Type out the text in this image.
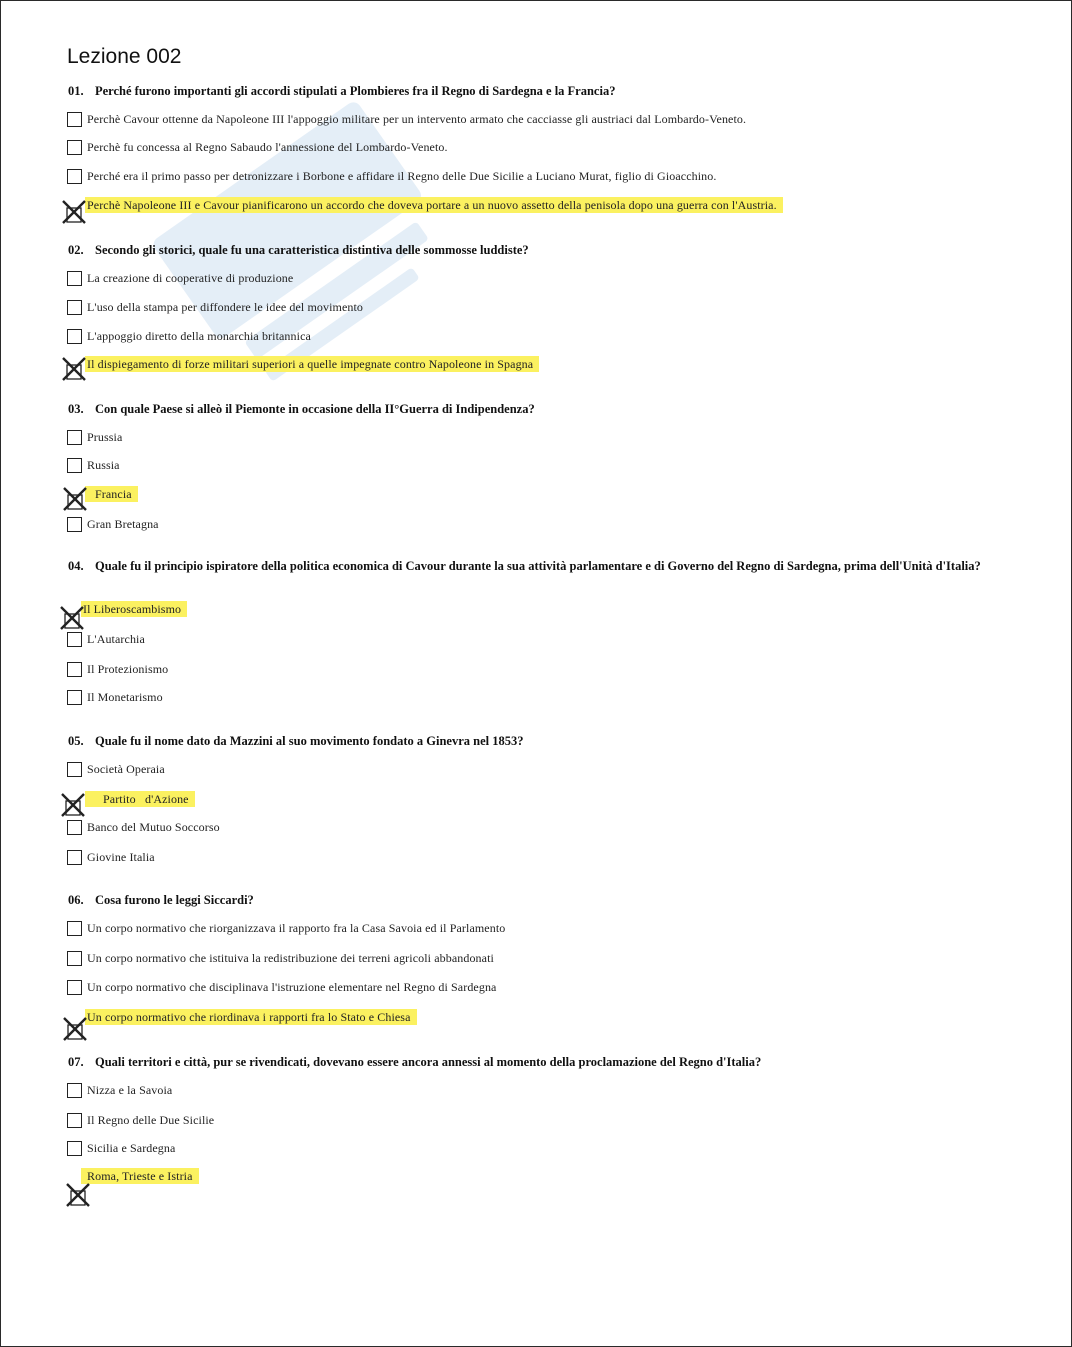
Lezione 002
01. Perché furono importanti gli accordi stipulati a Plombieres fra il Regno di Sardegna e la Francia?
Perchè Cavour ottenne da Napoleone III l'appoggio militare per un intervento armato che cacciasse gli austriaci dal Lombardo-Veneto.
Perchè fu concessa al Regno Sabaudo l'annessione del Lombardo-Veneto.
Perché era il primo passo per detronizzare i Borbone e affidare il Regno delle Due Sicilie a Luciano Murat, figlio di Gioacchino.
Perchè Napoleone III e Cavour pianificarono un accordo che doveva portare a un nuovo assetto della penisola dopo una guerra con l'Austria.
02. Secondo gli storici, quale fu una caratteristica distintiva delle sommosse luddiste?
La creazione di cooperative di produzione
L'uso della stampa per diffondere le idee del movimento
L'appoggio diretto della monarchia britannica
Il dispiegamento di forze militari superiori a quelle impegnate contro Napoleone in Spagna
03. Con quale Paese si alleò il Piemonte in occasione della II°Guerra di Indipendenza?
Prussia
Russia
Francia
Gran Bretagna
04. Quale fu il principio ispiratore della politica economica di Cavour durante la sua attività parlamentare e di Governo del Regno di Sardegna, prima dell'Unità d'Italia?
Il Liberoscambismo
L'Autarchia
Il Protezionismo
Il Monetarismo
05. Quale fu il nome dato da Mazzini al suo movimento fondato a Ginevra nel 1853?
Società Operaia
Partito   d'Azione
Banco del Mutuo Soccorso
Giovine Italia
06. Cosa furono le leggi Siccardi?
Un corpo normativo che riorganizzava il rapporto fra la Casa Savoia ed il Parlamento
Un corpo normativo che istituiva la redistribuzione dei terreni agricoli abbandonati
Un corpo normativo che disciplinava l'istruzione elementare nel Regno di Sardegna
Un corpo normativo che riordinava i rapporti fra lo Stato e Chiesa
07. Quali territori e città, pur se rivendicati, dovevano essere ancora annessi al momento della proclamazione del Regno d'Italia?
Nizza e la Savoia
Il Regno delle Due Sicilie
Sicilia e Sardegna
Roma, Trieste e Istria
